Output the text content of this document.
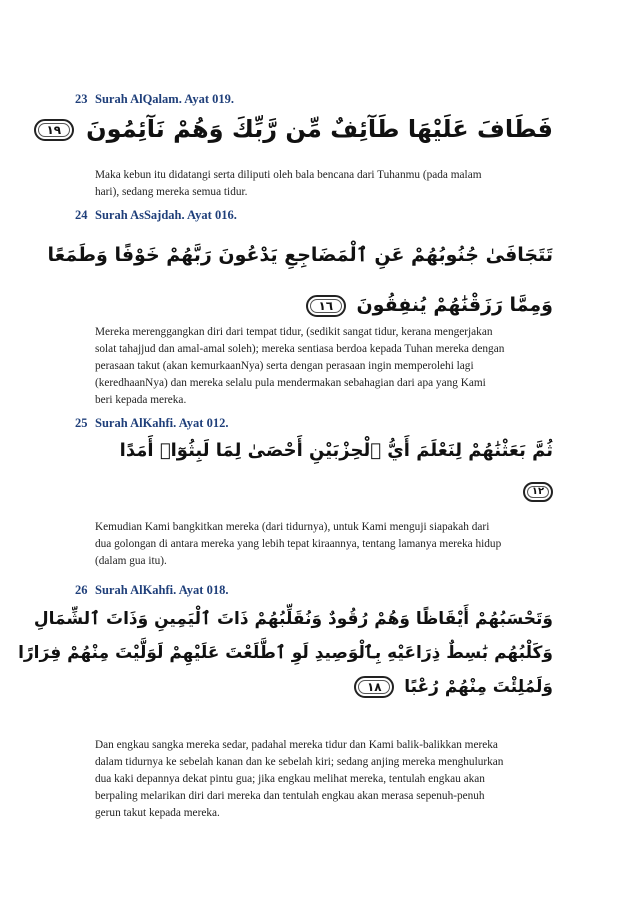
23 Surah AlQalam. Ayat 019.
فَطَافَ عَلَيْهَا طَآئِفٌ مِّن رَّبِّكَ وَهُمْ نَآئِمُونَ ١٩
Maka kebun itu didatangi serta diliputi oleh bala bencana dari Tuhanmu (pada malam
hari), sedang mereka semua tidur.
24 Surah AsSajdah. Ayat 016.
تَتَجَافَىٰ جُنُوبُهُمْ عَنِ ٱلْمَضَاجِعِ يَدْعُونَ رَبَّهُمْ خَوْفًا وَطَمَعًا
وَمِمَّا رَزَقْنَٰهُمْ يُنفِقُونَ ١٦
Mereka merenggangkan diri dari tempat tidur, (sedikit sangat tidur, kerana mengerjakan
solat tahajjud dan amal-amal soleh); mereka sentiasa berdoa kepada Tuhan mereka dengan
perasaan takut (akan kemurkaanNya) serta dengan perasaan ingin memperolehi lagi
(keredhaanNya) dan mereka selalu pula mendermakan sebahagian dari apa yang Kami
beri kepada mereka.
25 Surah AlKahfi. Ayat 012.
ثُمَّ بَعَثْنَٰهُمْ لِنَعْلَمَ أَيُّ ٱلْحِزْبَيْنِ أَحْصَىٰ لِمَا لَبِثُوٓا۟ أَمَدًا
١٢
Kemudian Kami bangkitkan mereka (dari tidurnya), untuk Kami menguji siapakah dari
dua golongan di antara mereka yang lebih tepat kiraannya, tentang lamanya mereka hidup
(dalam gua itu).
26 Surah AlKahfi. Ayat 018.
وَتَحْسَبُهُمْ أَيْقَاظًا وَهُمْ رُقُودٌ وَنُقَلِّبُهُمْ ذَاتَ ٱلْيَمِينِ وَذَاتَ ٱلشِّمَالِ
وَكَلْبُهُم بَٰسِطٌ ذِرَاعَيْهِ بِٱلْوَصِيدِ لَوِ ٱطَّلَعْتَ عَلَيْهِمْ لَوَلَّيْتَ مِنْهُمْ فِرَارًا
وَلَمُلِئْتَ مِنْهُمْ رُعْبًا ١٨
Dan engkau sangka mereka sedar, padahal mereka tidur dan Kami balik-balikkan mereka
dalam tidurnya ke sebelah kanan dan ke sebelah kiri; sedang anjing mereka menghulurkan
dua kaki depannya dekat pintu gua; jika engkau melihat mereka, tentulah engkau akan
berpaling melarikan diri dari mereka dan tentulah engkau akan merasa sepenuh-penuh
gerun takut kepada mereka.
